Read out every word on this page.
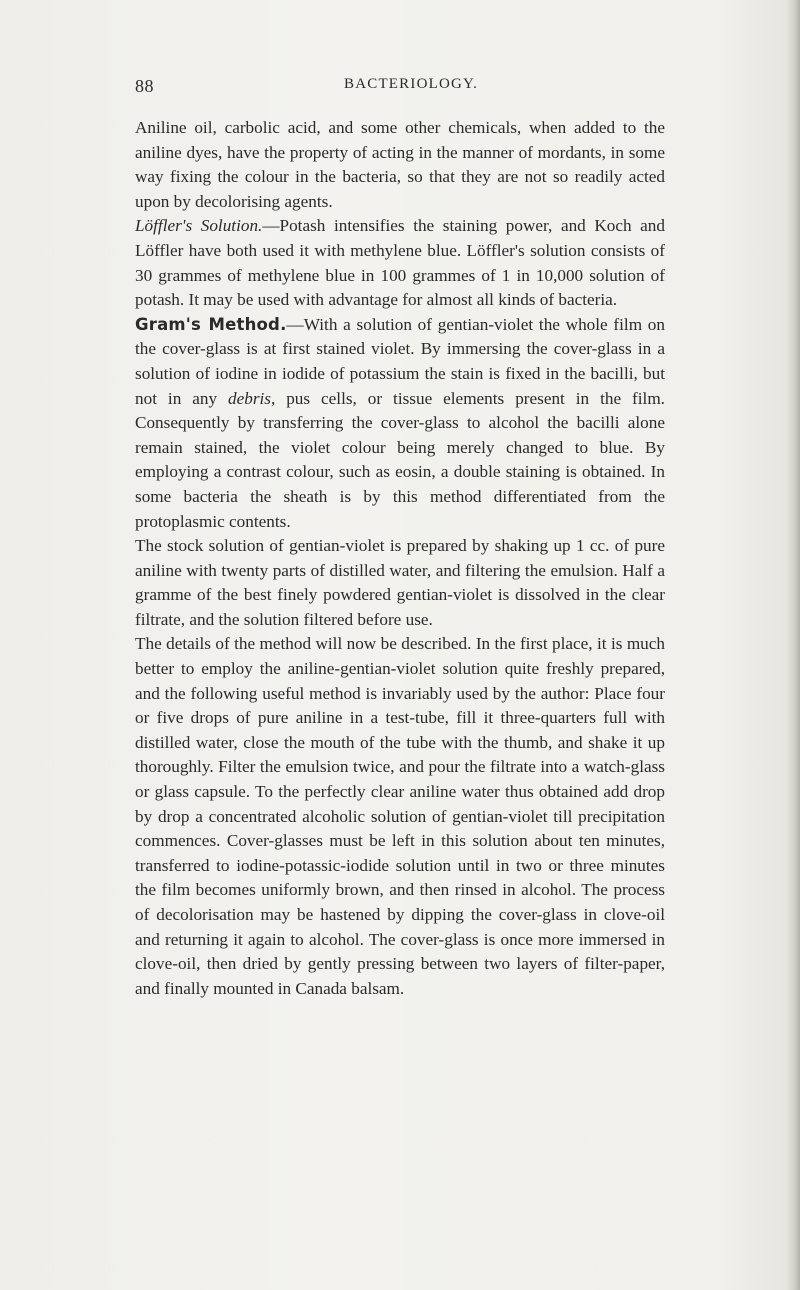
88	BACTERIOLOGY.

Aniline oil, carbolic acid, and some other chemicals, when added to the aniline dyes, have the property of acting in the manner of mordants, in some way fixing the colour in the bacteria, so that they are not so readily acted upon by decolorising agents.

Löffler's Solution.—Potash intensifies the staining power, and Koch and Löffler have both used it with methylene blue. Löffler's solution consists of 30 grammes of methylene blue in 100 grammes of 1 in 10,000 solution of potash. It may be used with advantage for almost all kinds of bacteria.

Gram's Method.—With a solution of gentian-violet the whole film on the cover-glass is at first stained violet. By immersing the cover-glass in a solution of iodine in iodide of potassium the stain is fixed in the bacilli, but not in any debris, pus cells, or tissue elements present in the film. Consequently by transferring the cover-glass to alcohol the bacilli alone remain stained, the violet colour being merely changed to blue. By employing a contrast colour, such as eosin, a double staining is obtained. In some bacteria the sheath is by this method differentiated from the protoplasmic contents.

The stock solution of gentian-violet is prepared by shaking up 1 cc. of pure aniline with twenty parts of distilled water, and filtering the emulsion. Half a gramme of the best finely powdered gentian-violet is dissolved in the clear filtrate, and the solution filtered before use.

The details of the method will now be described. In the first place, it is much better to employ the aniline-gentian-violet solution quite freshly prepared, and the following useful method is invariably used by the author: Place four or five drops of pure aniline in a test-tube, fill it three-quarters full with distilled water, close the mouth of the tube with the thumb, and shake it up thoroughly. Filter the emulsion twice, and pour the filtrate into a watch-glass or glass capsule. To the perfectly clear aniline water thus obtained add drop by drop a concentrated alcoholic solution of gentian-violet till precipitation commences. Cover-glasses must be left in this solution about ten minutes, transferred to iodine-potassic-iodide solution until in two or three minutes the film becomes uniformly brown, and then rinsed in alcohol. The process of decolorisation may be hastened by dipping the cover-glass in clove-oil and returning it again to alcohol. The cover-glass is once more immersed in clove-oil, then dried by gently pressing between two layers of filter-paper, and finally mounted in Canada balsam.
